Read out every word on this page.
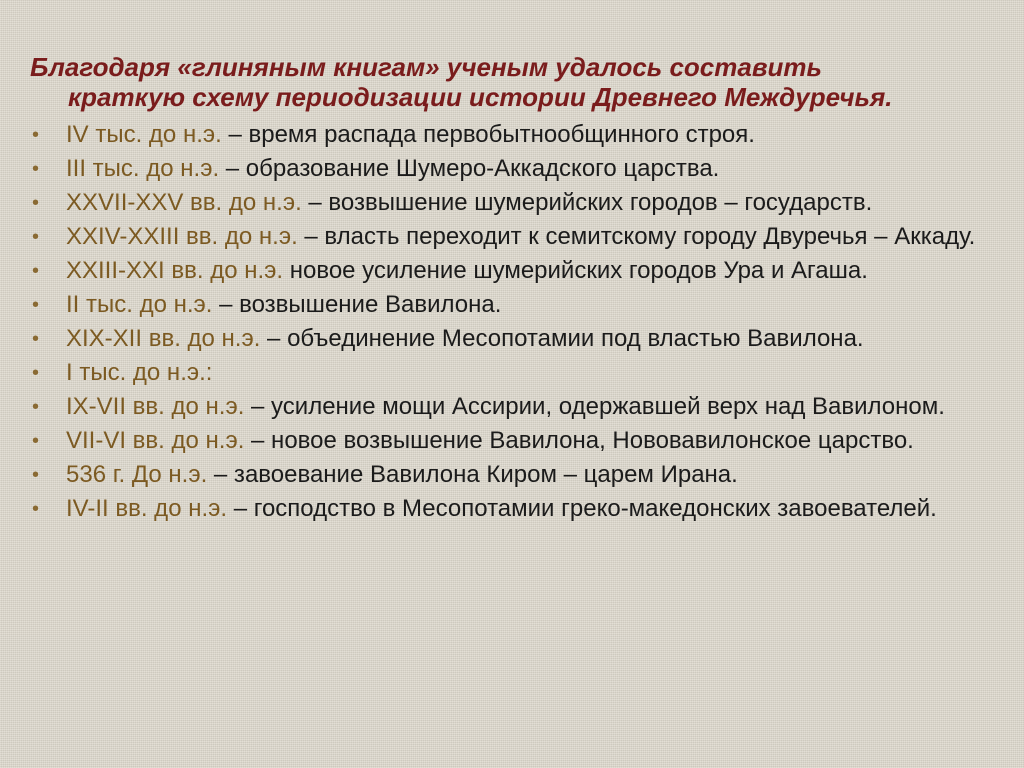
Благодаря «глиняным книгам» ученым удалось составить
краткую схему периодизации истории Древнего Междуречья.
• IV тыс. до н.э. – время распада первобытнообщинного строя.
• III тыс. до н.э. – образование Шумеро-Аккадского царства.
• XXVII-XXV вв. до н.э. – возвышение шумерийских городов – государств.
• XXIV-XXIII вв. до н.э. – власть переходит к семитскому городу Двуречья – Аккаду.
• XXIII-XXI вв. до н.э. новое усиление шумерийских городов Ура и Агаша.
• II тыс. до н.э. – возвышение Вавилона.
• XIX-XII вв. до н.э. – объединение Месопотамии под властью Вавилона.
• I тыс. до н.э.:
• IX-VII вв. до н.э. – усиление мощи Ассирии, одержавшей верх над Вавилоном.
• VII-VI вв. до н.э. – новое возвышение Вавилона, Нововавилонское царство.
• 536 г. До н.э. – завоевание Вавилона Киром – царем Ирана.
• IV-II вв. до н.э. – господство в Месопотамии греко-македонских завоевателей.
